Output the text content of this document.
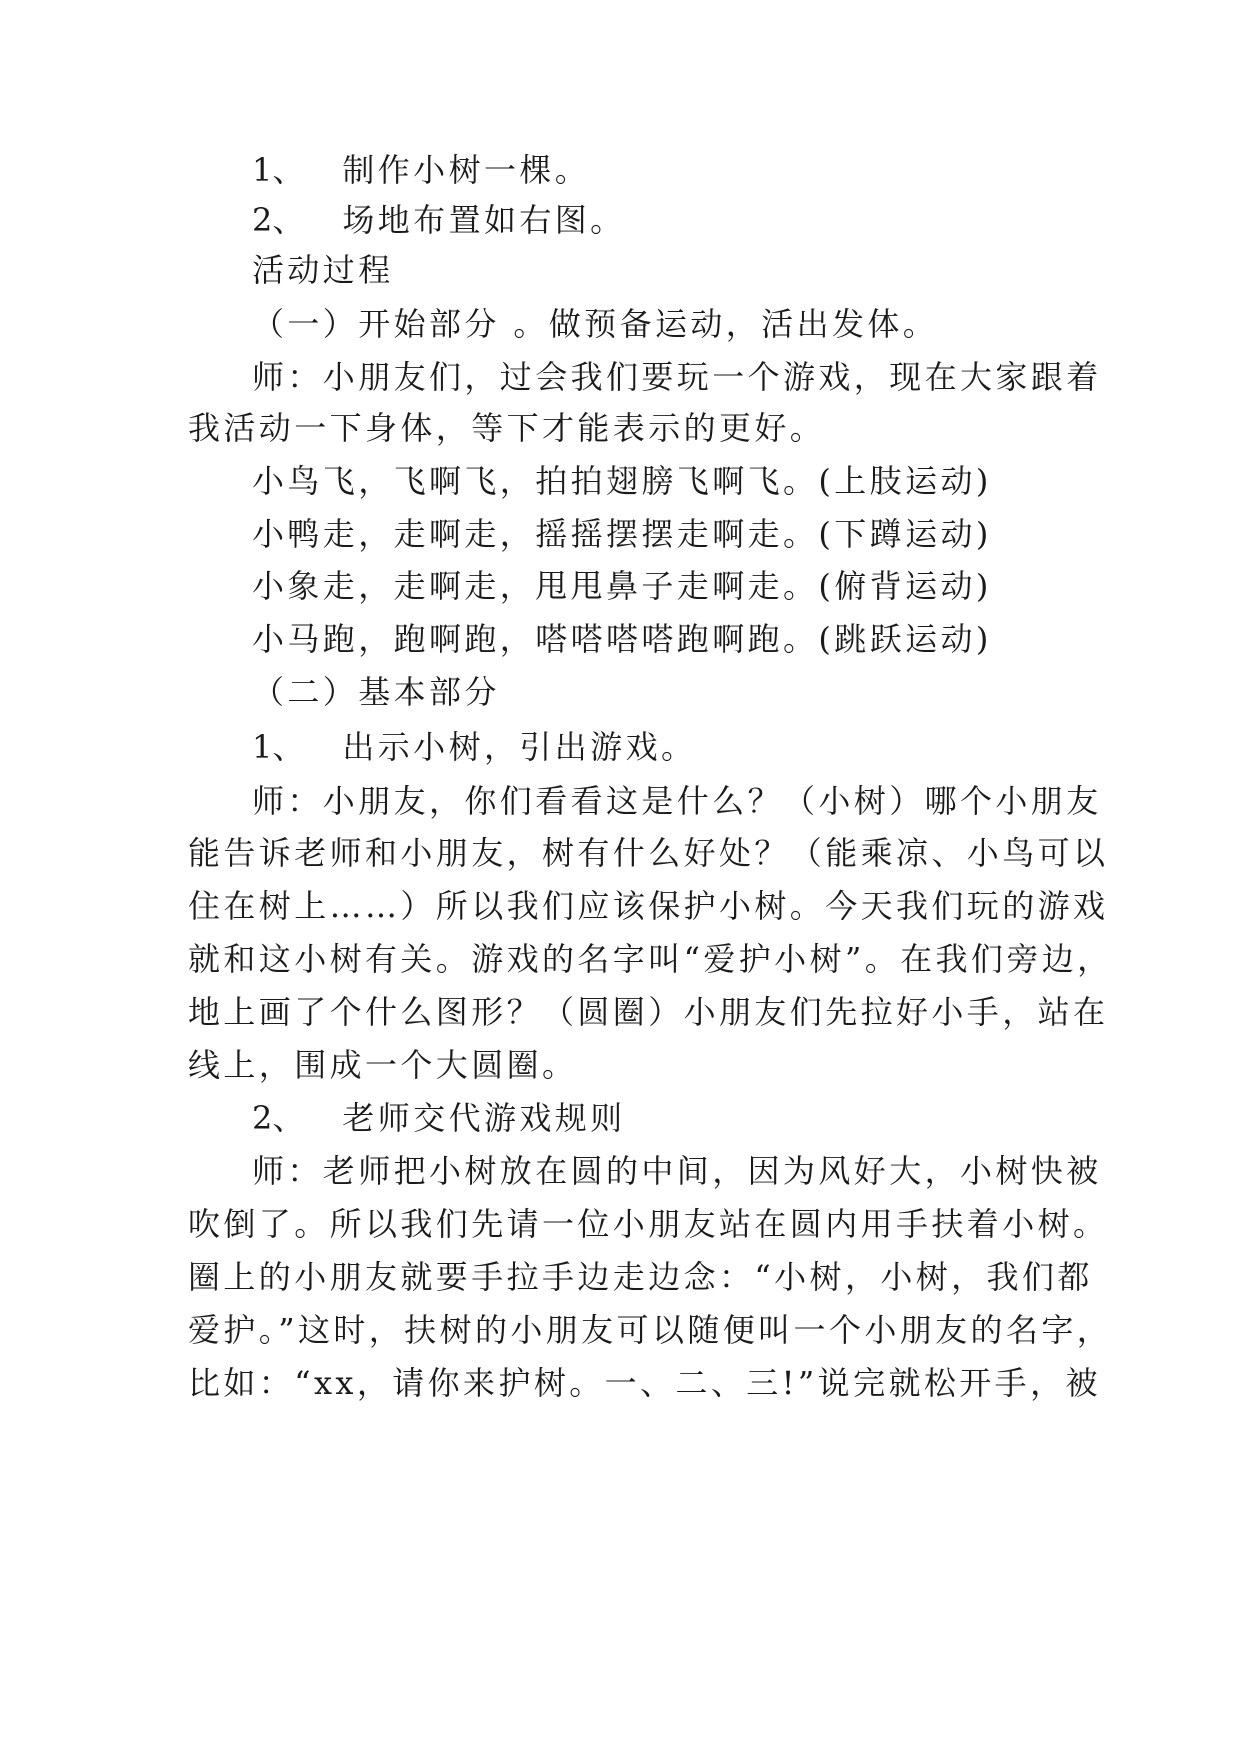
1、 制作小树一棵。
2、 场地布置如右图。
活动过程
（一）开始部分 。做预备运动，活出发体。
师：小朋友们，过会我们要玩一个游戏，现在大家跟着
我活动一下身体，等下才能表示的更好。
小鸟飞，飞啊飞，拍拍翅膀飞啊飞。(上肢运动)
小鸭走，走啊走，摇摇摆摆走啊走。(下蹲运动)
小象走，走啊走，甩甩鼻子走啊走。(俯背运动)
小马跑，跑啊跑，嗒嗒嗒嗒跑啊跑。(跳跃运动)
（二）基本部分
1、 出示小树，引出游戏。
师：小朋友，你们看看这是什么？（小树）哪个小朋友
能告诉老师和小朋友，树有什么好处？（能乘凉、小鸟可以
住在树上……）所以我们应该保护小树。今天我们玩的游戏
就和这小树有关。游戏的名字叫“爱护小树”。在我们旁边，
地上画了个什么图形？（圆圈）小朋友们先拉好小手，站在
线上，围成一个大圆圈。
2、 老师交代游戏规则
师：老师把小树放在圆的中间，因为风好大，小树快被
吹倒了。所以我们先请一位小朋友站在圆内用手扶着小树。
圈上的小朋友就要手拉手边走边念：“小树，小树，我们都
爱护。”这时，扶树的小朋友可以随便叫一个小朋友的名字，
比如：“xx，请你来护树。一、二、三!”说完就松开手，被
